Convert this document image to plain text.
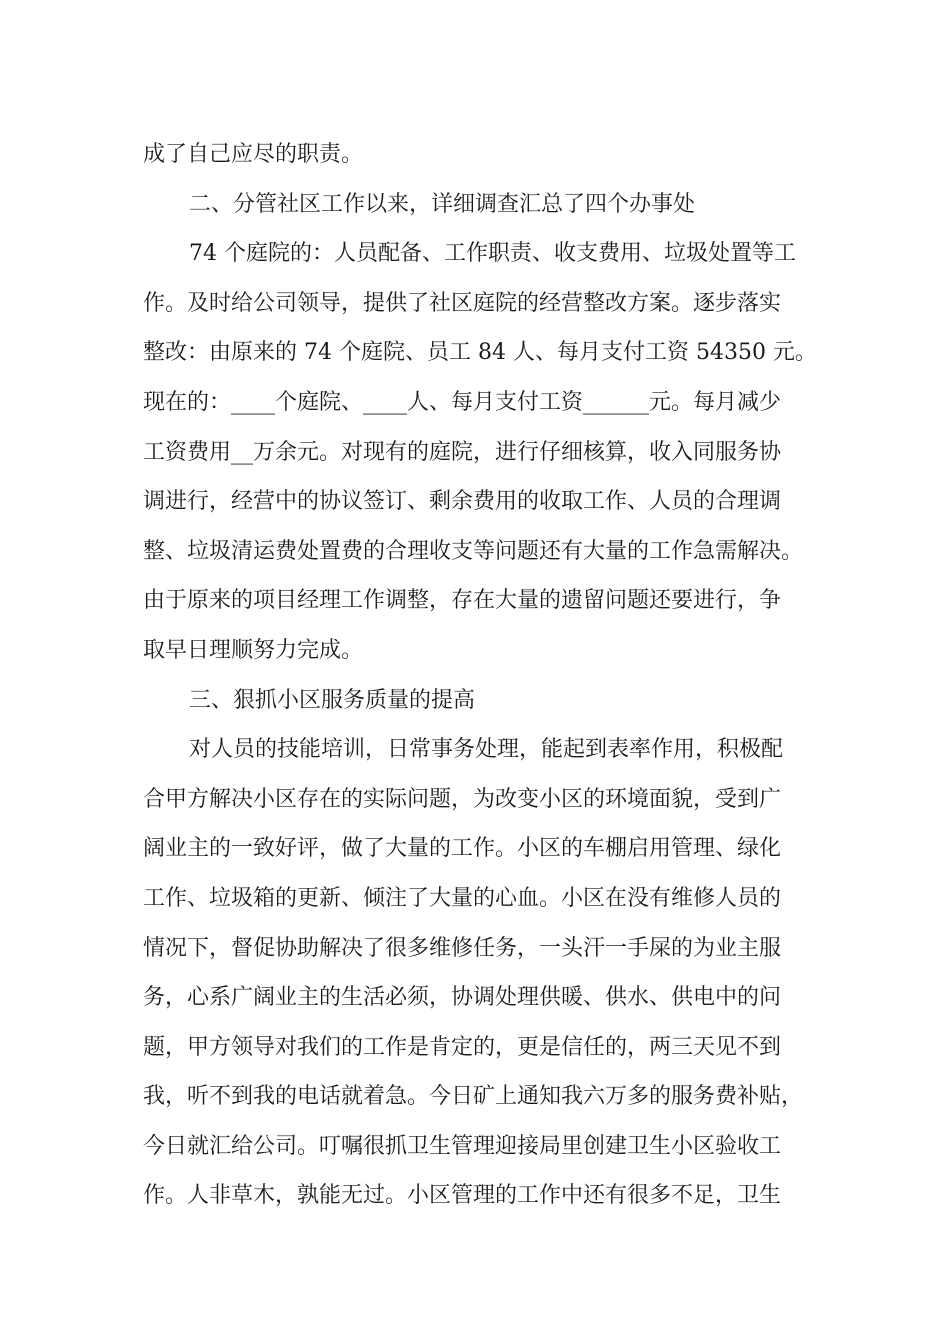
成了自己应尽的职责。
二、分管社区工作以来，详细调查汇总了四个办事处
74 个庭院的：人员配备、工作职责、收支费用、垃圾处置等工
作。及时给公司领导，提供了社区庭院的经营整改方案。逐步落实
整改：由原来的 74 个庭院、员工 84 人、每月支付工资 54350 元。
现在的：____个庭院、____人、每月支付工资______元。每月减少
工资费用__万余元。对现有的庭院，进行仔细核算，收入同服务协
调进行，经营中的协议签订、剩余费用的收取工作、人员的合理调
整、垃圾清运费处置费的合理收支等问题还有大量的工作急需解决。
由于原来的项目经理工作调整，存在大量的遗留问题还要进行，争
取早日理顺努力完成。
三、狠抓小区服务质量的提高
对人员的技能培训，日常事务处理，能起到表率作用，积极配
合甲方解决小区存在的实际问题，为改变小区的环境面貌，受到广
阔业主的一致好评，做了大量的工作。小区的车棚启用管理、绿化
工作、垃圾箱的更新、倾注了大量的心血。小区在没有维修人员的
情况下，督促协助解决了很多维修任务，一头汗一手屎的为业主服
务，心系广阔业主的生活必须，协调处理供暖、供水、供电中的问
题，甲方领导对我们的工作是肯定的，更是信任的，两三天见不到
我，听不到我的电话就着急。今日矿上通知我六万多的服务费补贴，
今日就汇给公司。叮嘱很抓卫生管理迎接局里创建卫生小区验收工
作。人非草木，孰能无过。小区管理的工作中还有很多不足，卫生
